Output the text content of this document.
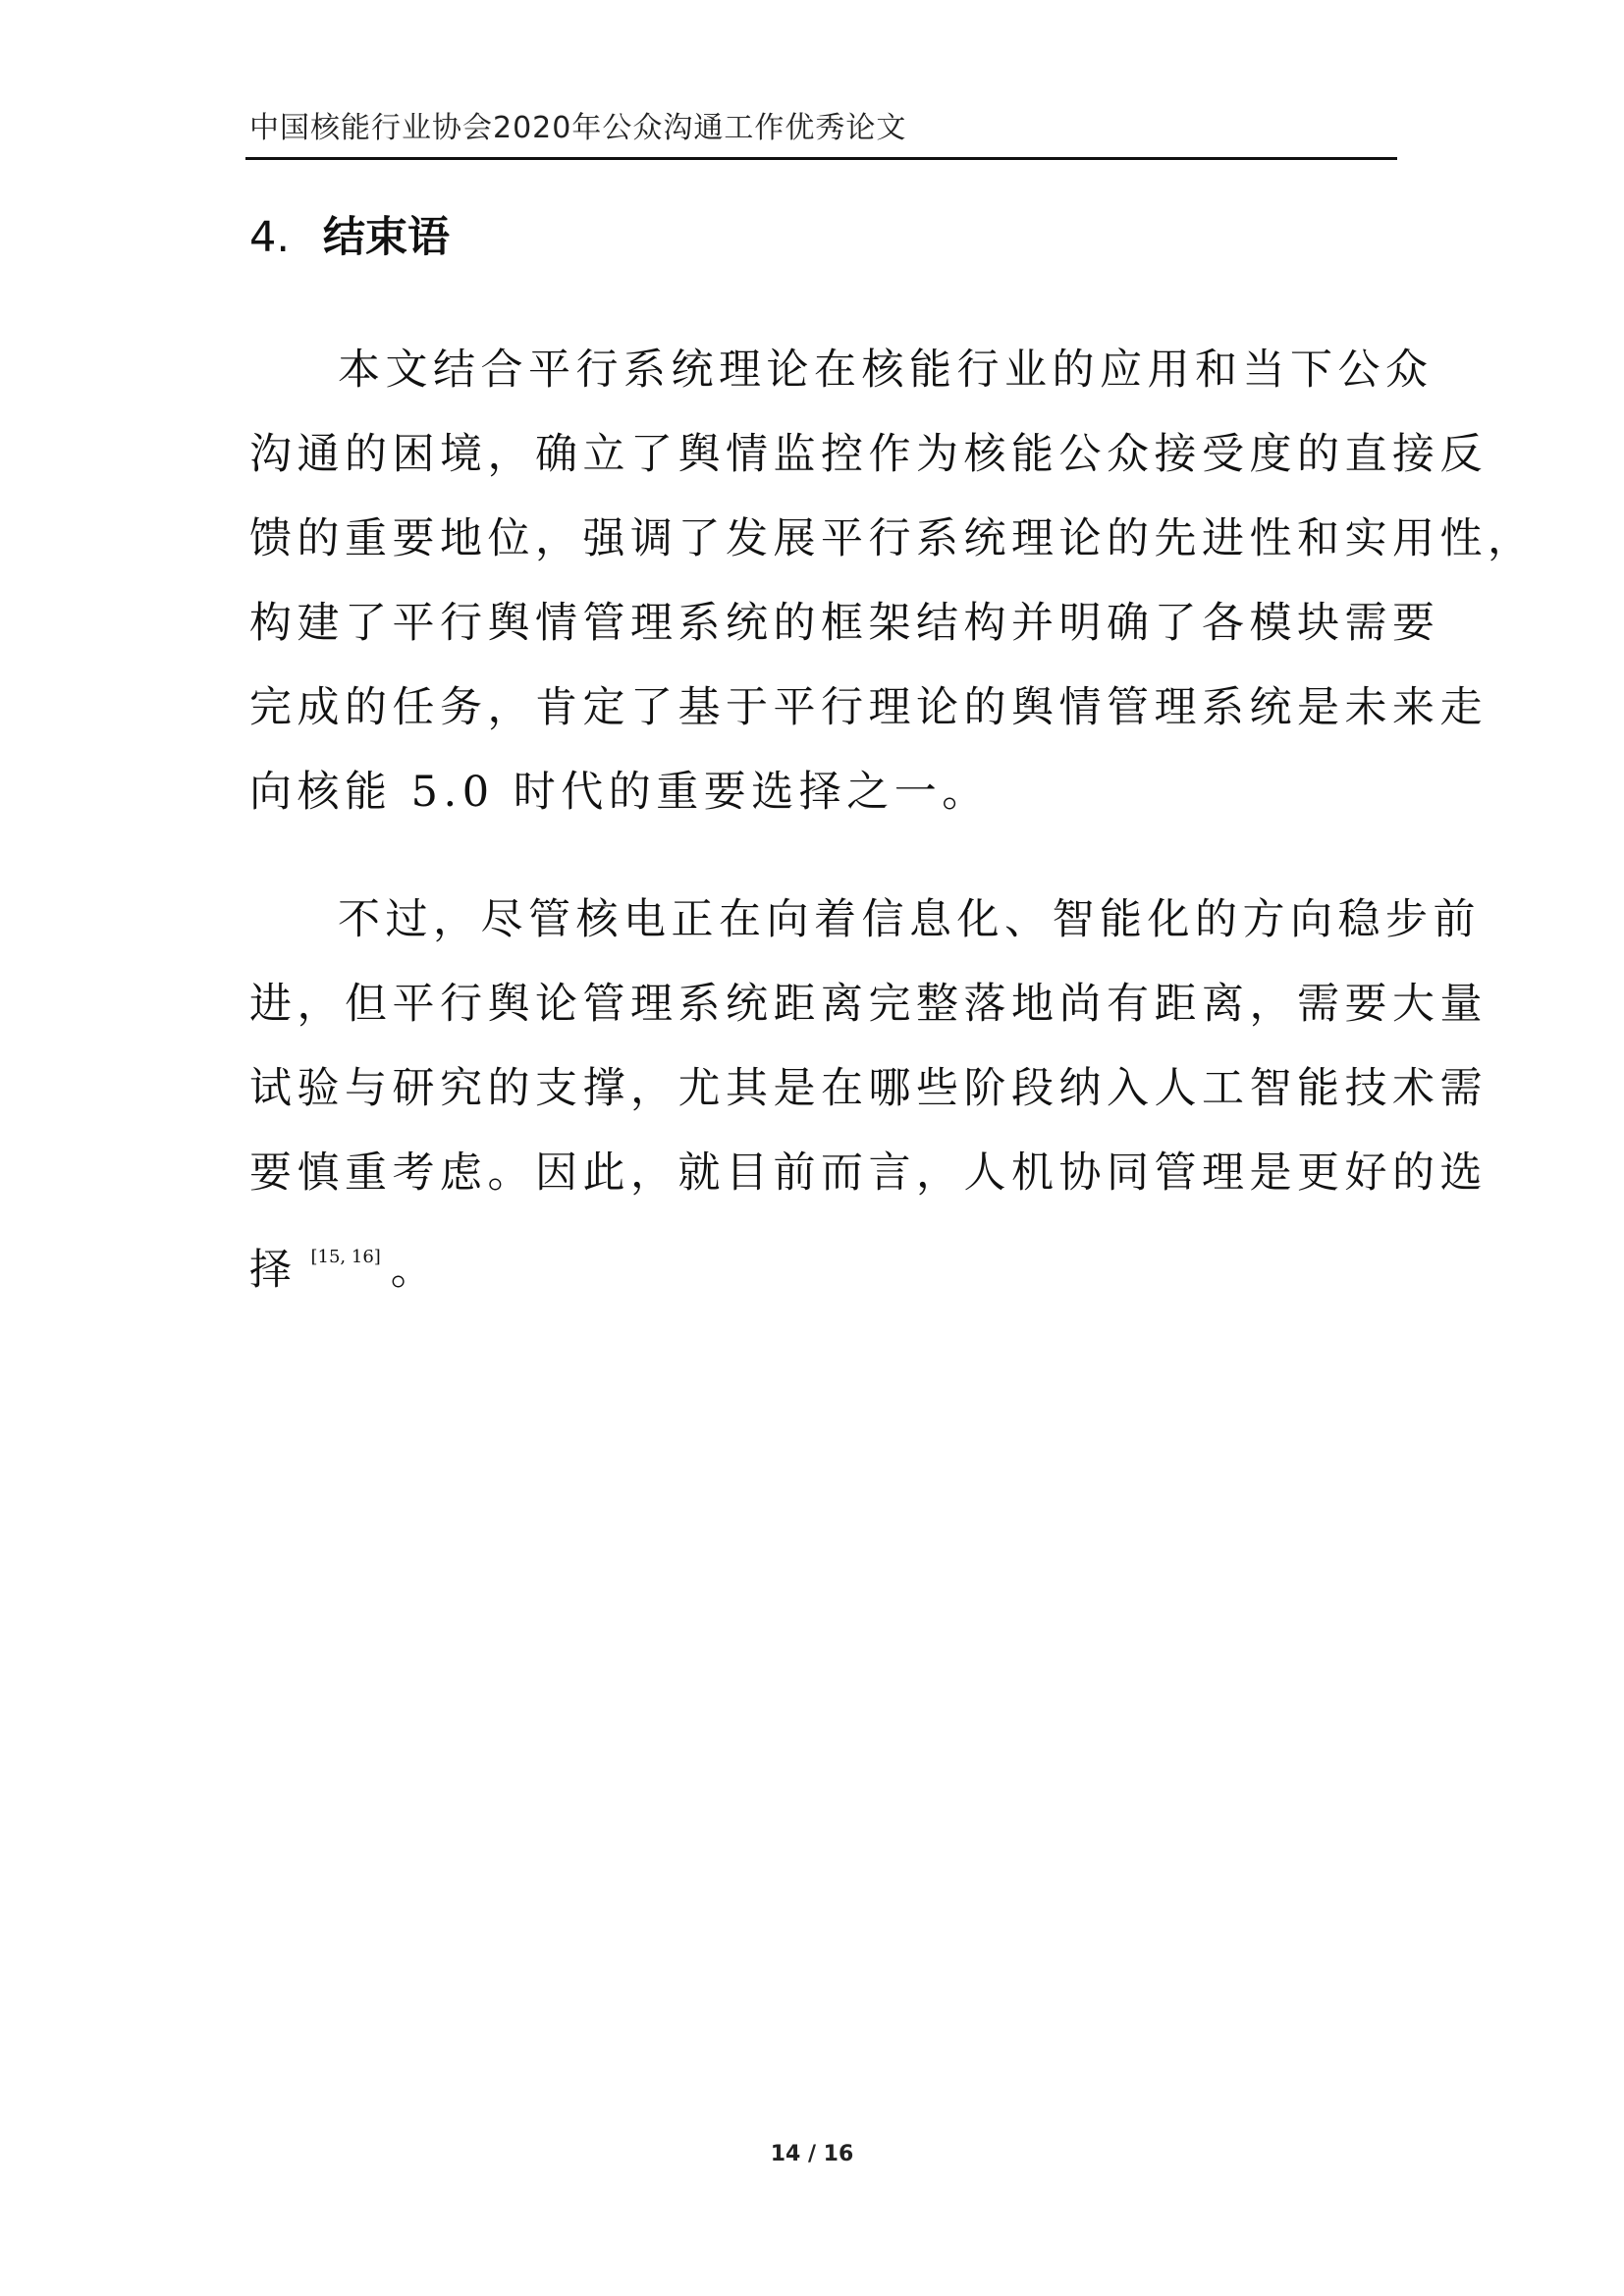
中国核能行业协会2020年公众沟通工作优秀论文
4. 结束语
本文结合平行系统理论在核能行业的应用和当下公众
沟通的困境，确立了舆情监控作为核能公众接受度的直接反
馈的重要地位，强调了发展平行系统理论的先进性和实用性，
构建了平行舆情管理系统的框架结构并明确了各模块需要
完成的任务，肯定了基于平行理论的舆情管理系统是未来走
向核能 5.0 时代的重要选择之一。
不过，尽管核电正在向着信息化、智能化的方向稳步前
进，但平行舆论管理系统距离完整落地尚有距离，需要大量
试验与研究的支撑，尤其是在哪些阶段纳入人工智能技术需
要慎重考虑。因此，就目前而言，人机协同管理是更好的选
择 [15, 16] 。
14 / 16
